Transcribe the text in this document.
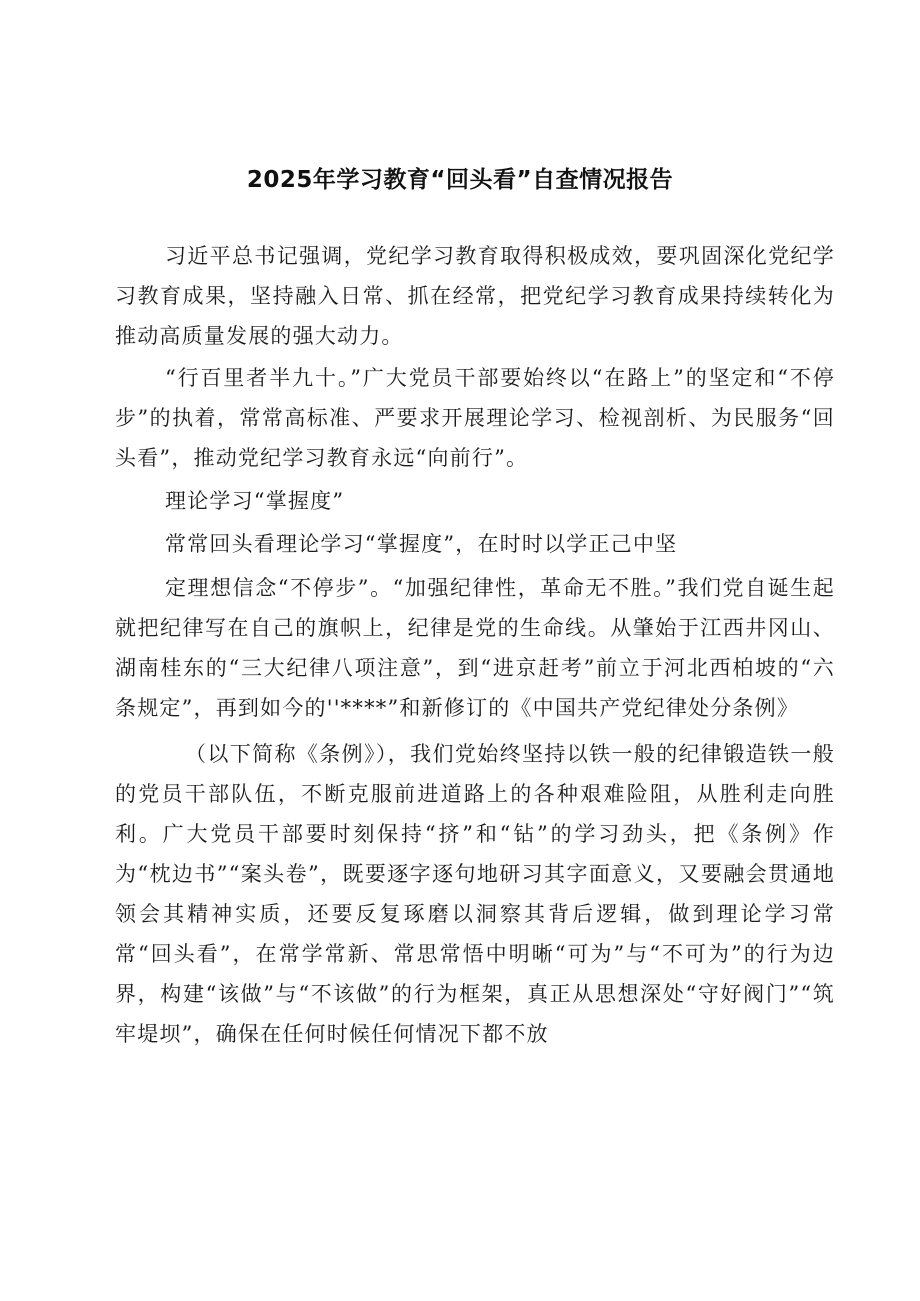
2025年学习教育“回头看”自查情况报告

习近平总书记强调，党纪学习教育取得积极成效，要巩固深化党纪学习教育成果，坚持融入日常、抓在经常，把党纪学习教育成果持续转化为推动高质量发展的强大动力。

“行百里者半九十。”广大党员干部要始终以“在路上”的坚定和“不停步”的执着，常常高标准、严要求开展理论学习、检视剖析、为民服务“回头看”，推动党纪学习教育永远“向前行”。

理论学习“掌握度”

常常回头看理论学习“掌握度”，在时时以学正己中坚

定理想信念“不停步”。“加强纪律性，革命无不胜。”我们党自诞生起就把纪律写在自己的旗帜上，纪律是党的生命线。从肇始于江西井冈山、湖南桂东的“三大纪律八项注意”，到“进京赶考”前立于河北西柏坡的“六条规定”，再到如今的''****”和新修订的《中国共产党纪律处分条例》

（以下简称《条例》），我们党始终坚持以铁一般的纪律锻造铁一般的党员干部队伍，不断克服前进道路上的各种艰难险阻，从胜利走向胜利。广大党员干部要时刻保持“挤”和“钻”的学习劲头，把《条例》作为“枕边书”“案头卷”，既要逐字逐句地研习其字面意义，又要融会贯通地领会其精神实质，还要反复琢磨以洞察其背后逻辑，做到理论学习常常“回头看”，在常学常新、常思常悟中明晰“可为”与“不可为”的行为边界，构建“该做”与“不该做”的行为框架，真正从思想深处“守好阀门”“筑牢堤坝”，确保在任何时候任何情况下都不放
